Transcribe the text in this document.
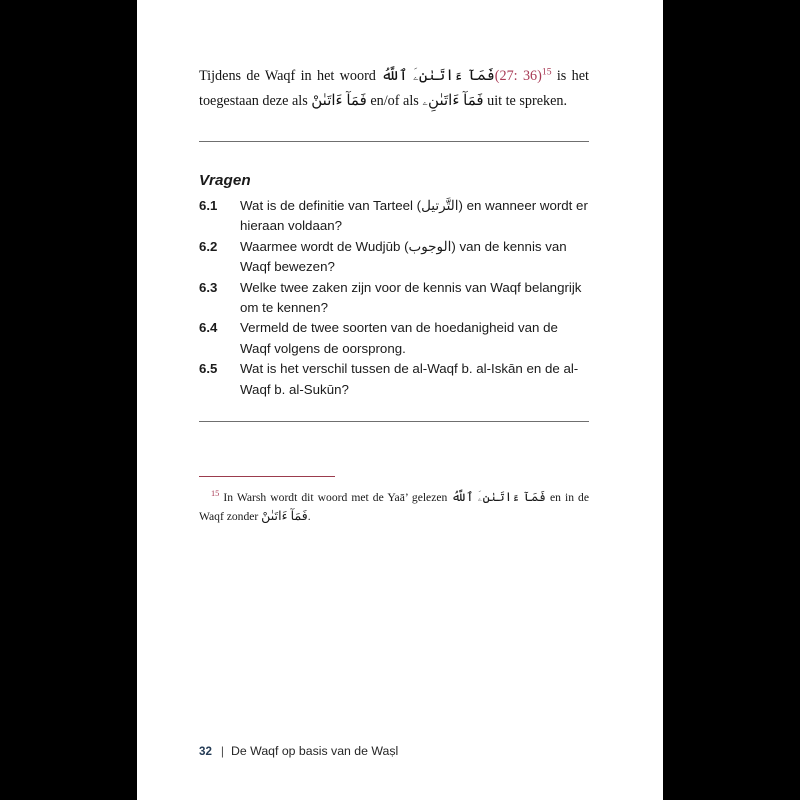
Tijdens de Waqf in het woord فَمَآ ءَاتَىٰنِۦَ ٱللَّهُ(27: 36)$^{15}$ is het toegestaan deze als فَمَآ ءَاتَىٰنْ en/of als فَمَآ ءَاتَىٰنِۦ uit te spreken.

Vragen
6.1	Wat is de definitie van Tarteel (التَّرتيل) en wanneer wordt er hieraan voldaan?
6.2	Waarmee wordt de Wudjūb (الوجوب) van de kennis van Waqf bewezen?
6.3	Welke twee zaken zijn voor de kennis van Waqf belangrijk om te kennen?
6.4	Vermeld de twee soorten van de hoedanigheid van de Waqf volgens de oorsprong.
6.5	Wat is het verschil tussen de al-Waqf b. al-Iskān en de al-Waqf b. al-Sukūn?

$^{15}$ In Warsh wordt dit woord met de Yaā’ gelezen فَمَآ ءَاتَىٰنِۦَ ٱللَّهُ en in de Waqf zonder فَمَآ ءَاتَىٰنْ.

32 | De Waqf op basis van de Waṣl
